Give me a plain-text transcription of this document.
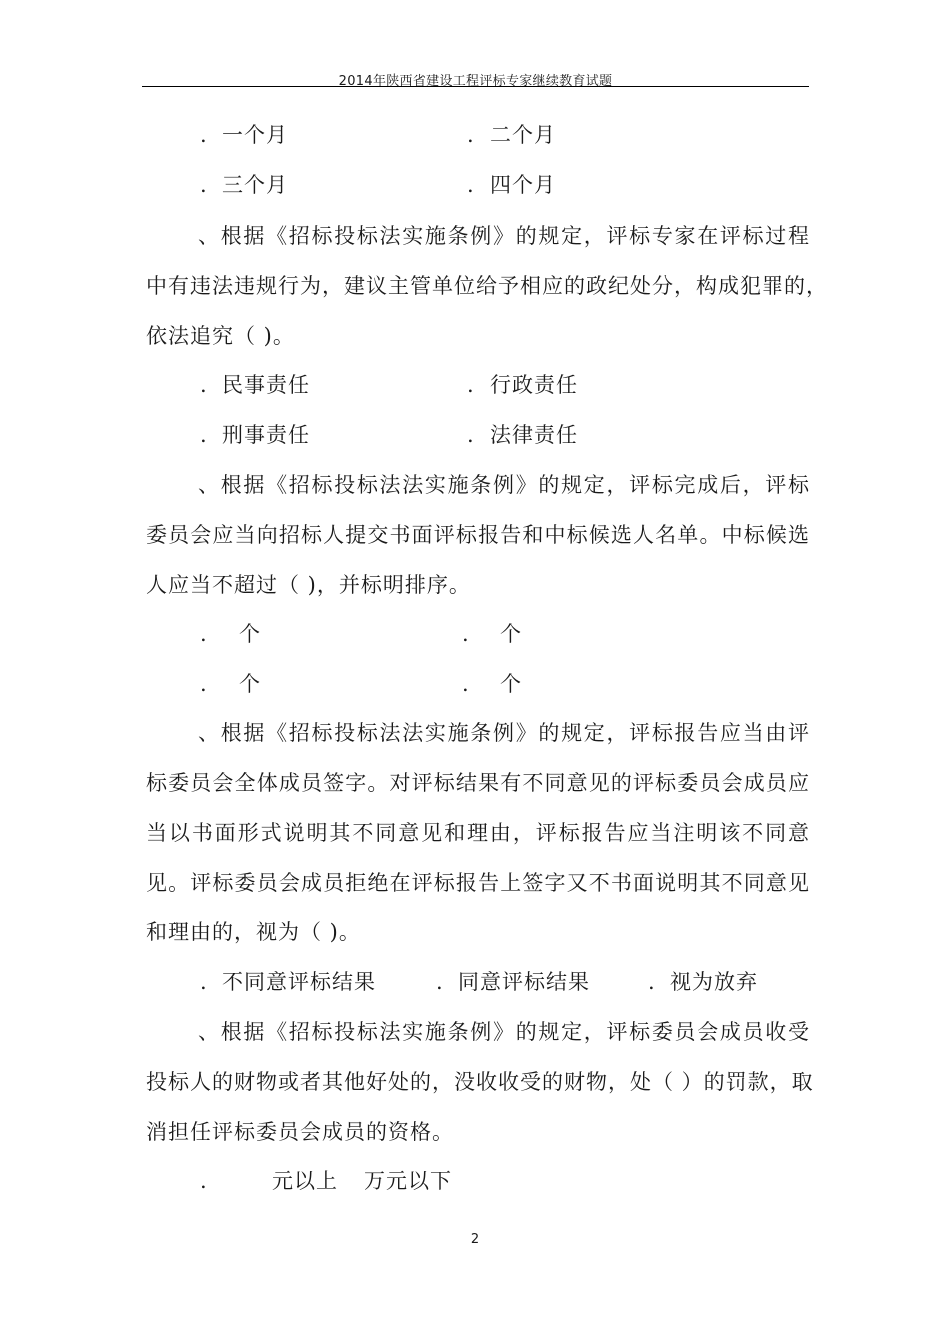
2014年陕西省建设工程评标专家继续教育试题
. 一个月	. 二个月
. 三个月	. 四个月
、根据《招标投标法实施条例》的规定，评标专家在评标过程
中有违法违规行为，建议主管单位给予相应的政纪处分，构成犯罪的，
依法追究（ )。
. 民事责任	. 行政责任
. 刑事责任	. 法律责任
、根据《招标投标法法实施条例》的规定，评标完成后，评标
委员会应当向招标人提交书面评标报告和中标候选人名单。中标候选
人应当不超过（ )，并标明排序。
. 个	. 个
. 个	. 个
、根据《招标投标法法实施条例》的规定，评标报告应当由评
标委员会全体成员签字。对评标结果有不同意见的评标委员会成员应
当以书面形式说明其不同意见和理由，评标报告应当注明该不同意
见。评标委员会成员拒绝在评标报告上签字又不书面说明其不同意见
和理由的，视为（ )。
. 不同意评标结果	. 同意评标结果	. 视为放弃
、根据《招标投标法实施条例》的规定，评标委员会成员收受
投标人的财物或者其他好处的，没收收受的财物，处（ ）的罚款，取
消担任评标委员会成员的资格。
.	元以上 万元以下
2
